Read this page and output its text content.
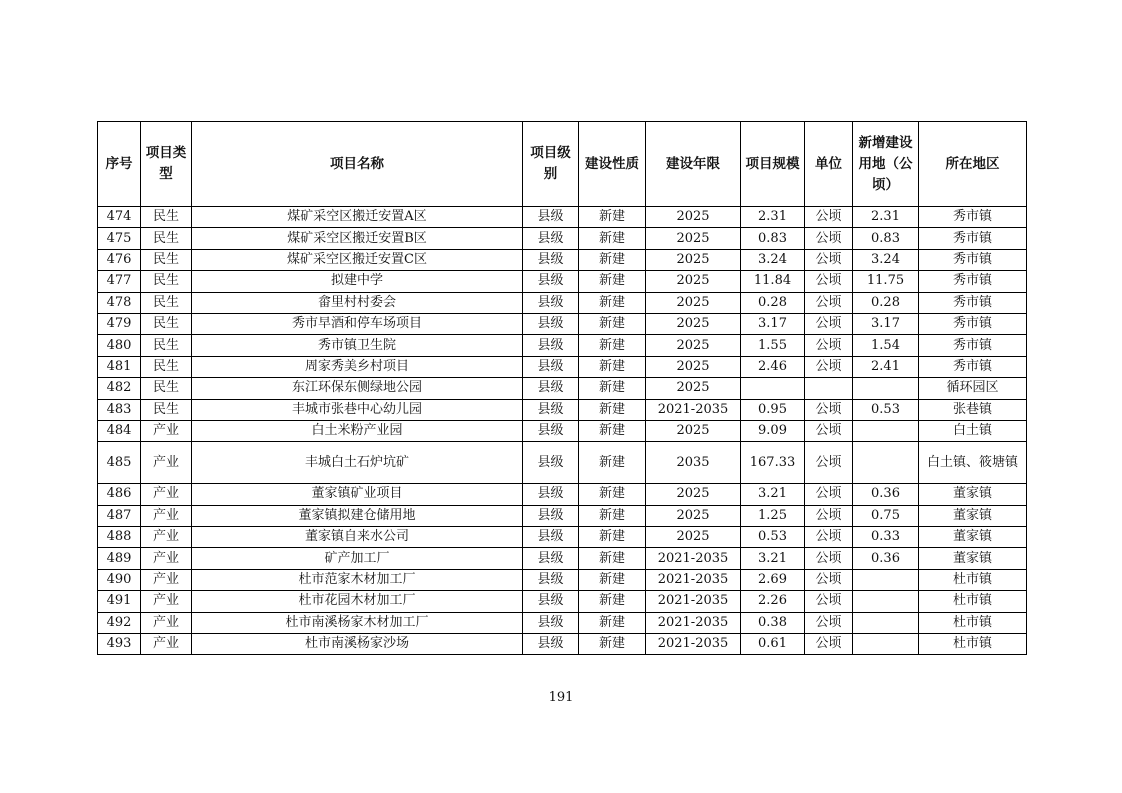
序号	项目类型	项目名称	项目级别	建设性质	建设年限	项目规模	单位	新增建设用地（公顷）	所在地区
474	民生	煤矿采空区搬迁安置A区	县级	新建	2025	2.31	公顷	2.31	秀市镇
475	民生	煤矿采空区搬迁安置B区	县级	新建	2025	0.83	公顷	0.83	秀市镇
476	民生	煤矿采空区搬迁安置C区	县级	新建	2025	3.24	公顷	3.24	秀市镇
477	民生	拟建中学	县级	新建	2025	11.84	公顷	11.75	秀市镇
478	民生	畲里村村委会	县级	新建	2025	0.28	公顷	0.28	秀市镇
479	民生	秀市早酒和停车场项目	县级	新建	2025	3.17	公顷	3.17	秀市镇
480	民生	秀市镇卫生院	县级	新建	2025	1.55	公顷	1.54	秀市镇
481	民生	周家秀美乡村项目	县级	新建	2025	2.46	公顷	2.41	秀市镇
482	民生	东江环保东侧绿地公园	县级	新建	2025				循环园区
483	民生	丰城市张巷中心幼儿园	县级	新建	2021-2035	0.95	公顷	0.53	张巷镇
484	产业	白土米粉产业园	县级	新建	2025	9.09	公顷		白土镇
485	产业	丰城白土石炉坑矿	县级	新建	2035	167.33	公顷		白土镇、筱塘镇
486	产业	董家镇矿业项目	县级	新建	2025	3.21	公顷	0.36	董家镇
487	产业	董家镇拟建仓储用地	县级	新建	2025	1.25	公顷	0.75	董家镇
488	产业	董家镇自来水公司	县级	新建	2025	0.53	公顷	0.33	董家镇
489	产业	矿产加工厂	县级	新建	2021-2035	3.21	公顷	0.36	董家镇
490	产业	杜市范家木材加工厂	县级	新建	2021-2035	2.69	公顷		杜市镇
491	产业	杜市花园木材加工厂	县级	新建	2021-2035	2.26	公顷		杜市镇
492	产业	杜市南溪杨家木材加工厂	县级	新建	2021-2035	0.38	公顷		杜市镇
493	产业	杜市南溪杨家沙场	县级	新建	2021-2035	0.61	公顷		杜市镇
191
